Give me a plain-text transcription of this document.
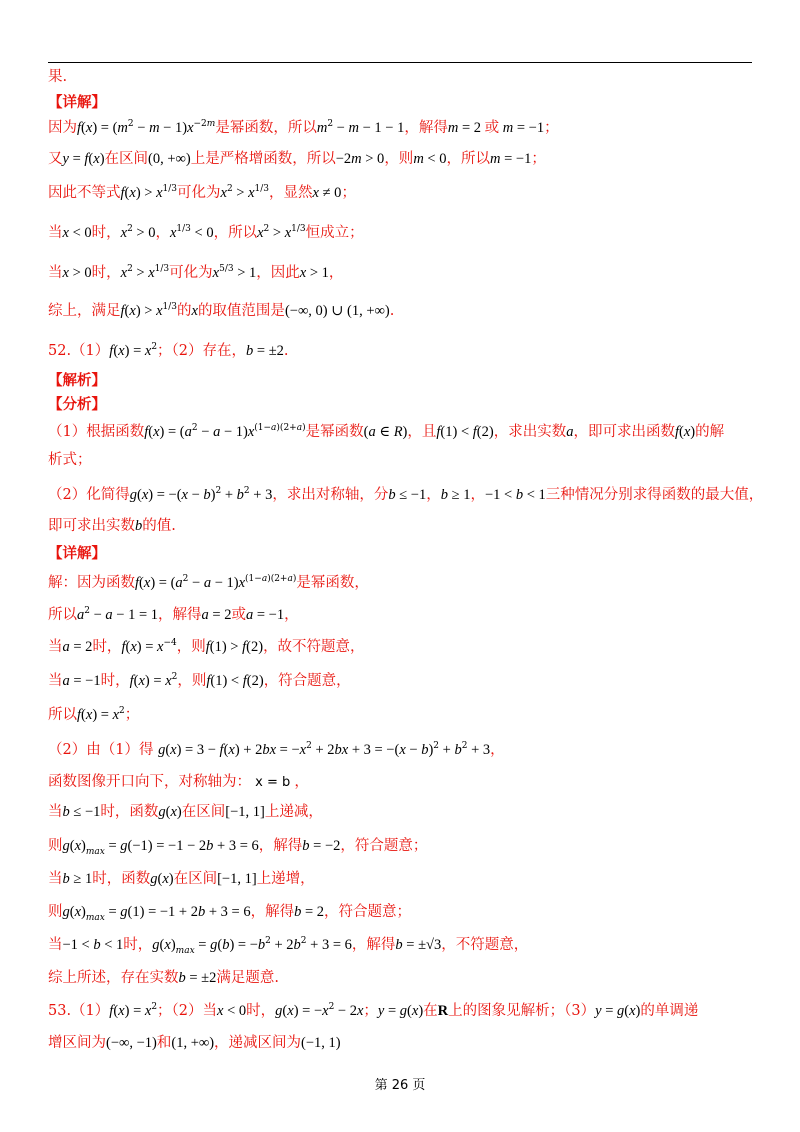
果.
【详解】
因为$f(x) = (m^2 - m - 1)x^{-2m}$是幂函数，所以$m^2 - m - 1 - 1$，解得m = 2 或 m = −1；
又y = f(x)在区间(0, +∞)上是严格增函数，所以−2m > 0，则m < 0，所以m = −1；
因此不等式$f(x) > x^{1/3}$可化为$x^2 > x^{1/3}$，显然x ≠ 0；
当x < 0时，$x^2 > 0$，$x^{1/3} < 0$，所以$x^2 > x^{1/3}$恒成立；
当x > 0时，$x^2 > x^{1/3}$可化为$x^{5/3} > 1$，因此x > 1，
综上，满足$f(x) > x^{1/3}$的x的取值范围是(−∞, 0) ∪ (1, +∞).
$52.(1)f(x) = x^2$；（2）存在，b = ±2.
【解析】
【分析】
（1）根据函数$f(x) = (a^2 - a - 1)x^{(1-a)(2+a)}$是幂函数(a ∈ R)，且f(1) < f(2)，求出实数a，即可求出函数f(x)的解
析式；
（2）化简得$g(x) = -(x - b)^2 + b^2 + 3$，求出对称轴，分b ≤ −1，b ≥ 1，−1 < b < 1三种情况分别求得函数的最大值，
即可求出实数b的值.
【详解】
解：因为函数$f(x) = (a^2 - a - 1)x^{(1-a)(2+a)}$是幂函数，
所以$a^2 - a - 1 = 1$，解得a = 2或a = −1，
当a = 2时，$f(x) = x^{-4}$，则f(1) > f(2)，故不符题意，
当a = −1时，$f(x) = x^2$，则f(1) < f(2)，符合题意，
所以$f(x) = x^2$；
（2）由（1）得 $g(x) = 3 - f(x) + 2bx = -x^2 + 2bx + 3 = -(x - b)^2 + b^2 + 3$，
函数图像开口向下，对称轴为： x = b ，
当b ≤ −1时，函数g(x)在区间[−1, 1]上递减，
则$g(x)_{max} = g(-1) = -1 - 2b + 3 = 6$，解得b = −2，符合题意；
当b ≥ 1时，函数g(x)在区间[−1, 1]上递增，
则$g(x)_{max} = g(1) = -1 + 2b + 3 = 6$，解得b = 2，符合题意；
当−1 < b < 1时，$g(x)_{max} = g(b) = -b^2 + 2b^2 + 3 = 6$，解得b = ±√3，不符题意，
综上所述，存在实数b = ±2满足题意.
$53.(1)f(x) = x^2$；（2）当x < 0时，$g(x) = -x^2 - 2x$；y = g(x)在R上的图象见解析；（3）y = g(x)的单调递
增区间为(−∞, −1)和(1, +∞)，递减区间为(−1, 1)
第 26 页
